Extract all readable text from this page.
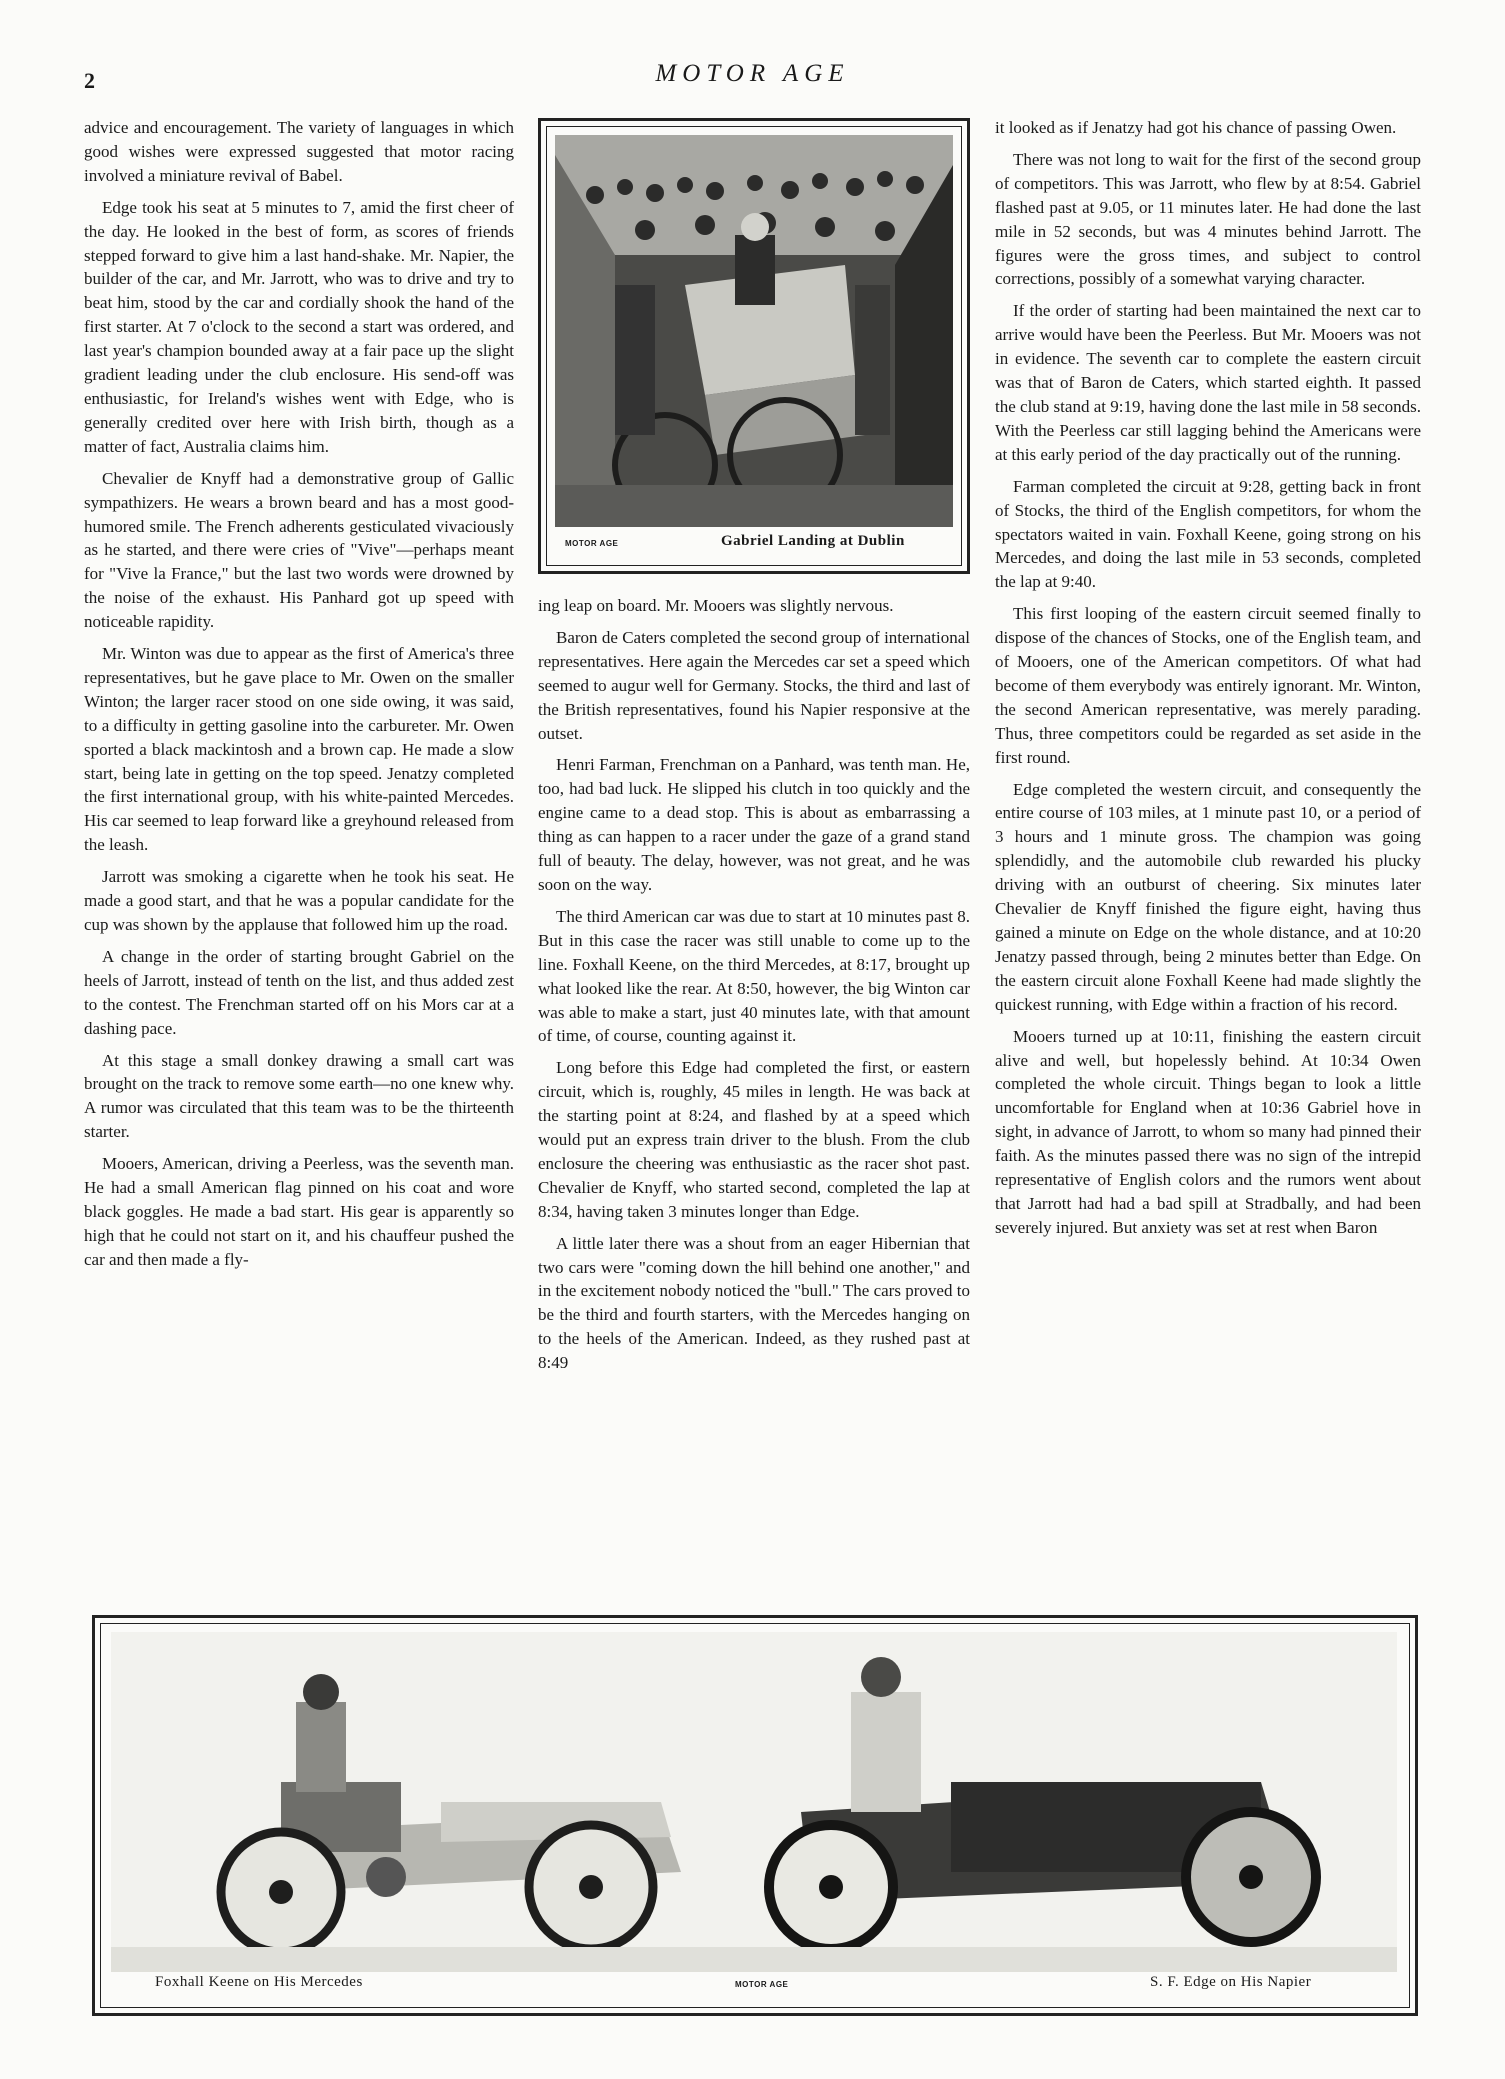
2	MOTOR AGE

advice and encouragement. The variety of languages in which good wishes were expressed suggested that motor racing involved a miniature revival of Babel.

Edge took his seat at 5 minutes to 7, amid the first cheer of the day. He looked in the best of form, as scores of friends stepped forward to give him a last hand-shake. Mr. Napier, the builder of the car, and Mr. Jarrott, who was to drive and try to beat him, stood by the car and cordially shook the hand of the first starter. At 7 o'clock to the second a start was ordered, and last year's champion bounded away at a fair pace up the slight gradient leading under the club enclosure. His send-off was enthusiastic, for Ireland's wishes went with Edge, who is generally credited over here with Irish birth, though as a matter of fact, Australia claims him.

Chevalier de Knyff had a demonstrative group of Gallic sympathizers. He wears a brown beard and has a most good-humored smile. The French adherents gesticulated vivaciously as he started, and there were cries of "Vive"—perhaps meant for "Vive la France," but the last two words were drowned by the noise of the exhaust. His Panhard got up speed with noticeable rapidity.

Mr. Winton was due to appear as the first of America's three representatives, but he gave place to Mr. Owen on the smaller Winton; the larger racer stood on one side owing, it was said, to a difficulty in getting gasoline into the carbureter. Mr. Owen sported a black mackintosh and a brown cap. He made a slow start, being late in getting on the top speed. Jenatzy completed the first international group, with his white-painted Mercedes. His car seemed to leap forward like a greyhound released from the leash.

Jarrott was smoking a cigarette when he took his seat. He made a good start, and that he was a popular candidate for the cup was shown by the applause that followed him up the road.

A change in the order of starting brought Gabriel on the heels of Jarrott, instead of tenth on the list, and thus added zest to the contest. The Frenchman started off on his Mors car at a dashing pace.

At this stage a small donkey drawing a small cart was brought on the track to remove some earth—no one knew why. A rumor was circulated that this team was to be the thirteenth starter.

Mooers, American, driving a Peerless, was the seventh man. He had a small American flag pinned on his coat and wore black goggles. He made a bad start. His gear is apparently so high that he could not start on it, and his chauffeur pushed the car and then made a fly-

MOTOR AGE	Gabriel Landing at Dublin

ing leap on board. Mr. Mooers was slightly nervous.

Baron de Caters completed the second group of international representatives. Here again the Mercedes car set a speed which seemed to augur well for Germany. Stocks, the third and last of the British representatives, found his Napier responsive at the outset.

Henri Farman, Frenchman on a Panhard, was tenth man. He, too, had bad luck. He slipped his clutch in too quickly and the engine came to a dead stop. This is about as embarrassing a thing as can happen to a racer under the gaze of a grand stand full of beauty. The delay, however, was not great, and he was soon on the way.

The third American car was due to start at 10 minutes past 8. But in this case the racer was still unable to come up to the line. Foxhall Keene, on the third Mercedes, at 8:17, brought up what looked like the rear. At 8:50, however, the big Winton car was able to make a start, just 40 minutes late, with that amount of time, of course, counting against it.

Long before this Edge had completed the first, or eastern circuit, which is, roughly, 45 miles in length. He was back at the starting point at 8:24, and flashed by at a speed which would put an express train driver to the blush. From the club enclosure the cheering was enthusiastic as the racer shot past. Chevalier de Knyff, who started second, completed the lap at 8:34, having taken 3 minutes longer than Edge.

A little later there was a shout from an eager Hibernian that two cars were "coming down the hill behind one another," and in the excitement nobody noticed the "bull." The cars proved to be the third and fourth starters, with the Mercedes hanging on to the heels of the American. Indeed, as they rushed past at 8:49

it looked as if Jenatzy had got his chance of passing Owen.

There was not long to wait for the first of the second group of competitors. This was Jarrott, who flew by at 8:54. Gabriel flashed past at 9.05, or 11 minutes later. He had done the last mile in 52 seconds, but was 4 minutes behind Jarrott. The figures were the gross times, and subject to control corrections, possibly of a somewhat varying character.

If the order of starting had been maintained the next car to arrive would have been the Peerless. But Mr. Mooers was not in evidence. The seventh car to complete the eastern circuit was that of Baron de Caters, which started eighth. It passed the club stand at 9:19, having done the last mile in 58 seconds. With the Peerless car still lagging behind the Americans were at this early period of the day practically out of the running.

Farman completed the circuit at 9:28, getting back in front of Stocks, the third of the English competitors, for whom the spectators waited in vain. Foxhall Keene, going strong on his Mercedes, and doing the last mile in 53 seconds, completed the lap at 9:40.

This first looping of the eastern circuit seemed finally to dispose of the chances of Stocks, one of the English team, and of Mooers, one of the American competitors. Of what had become of them everybody was entirely ignorant. Mr. Winton, the second American representative, was merely parading. Thus, three competitors could be regarded as set aside in the first round.

Edge completed the western circuit, and consequently the entire course of 103 miles, at 1 minute past 10, or a period of 3 hours and 1 minute gross. The champion was going splendidly, and the automobile club rewarded his plucky driving with an outburst of cheering. Six minutes later Chevalier de Knyff finished the figure eight, having thus gained a minute on Edge on the whole distance, and at 10:20 Jenatzy passed through, being 2 minutes better than Edge. On the eastern circuit alone Foxhall Keene had made slightly the quickest running, with Edge within a fraction of his record.

Mooers turned up at 10:11, finishing the eastern circuit alive and well, but hopelessly behind. At 10:34 Owen completed the whole circuit. Things began to look a little uncomfortable for England when at 10:36 Gabriel hove in sight, in advance of Jarrott, to whom so many had pinned their faith. As the minutes passed there was no sign of the intrepid representative of English colors and the rumors went about that Jarrott had had a bad spill at Stradbally, and had been severely injured. But anxiety was set at rest when Baron

Foxhall Keene on His Mercedes	MOTOR AGE	S. F. Edge on His Napier
